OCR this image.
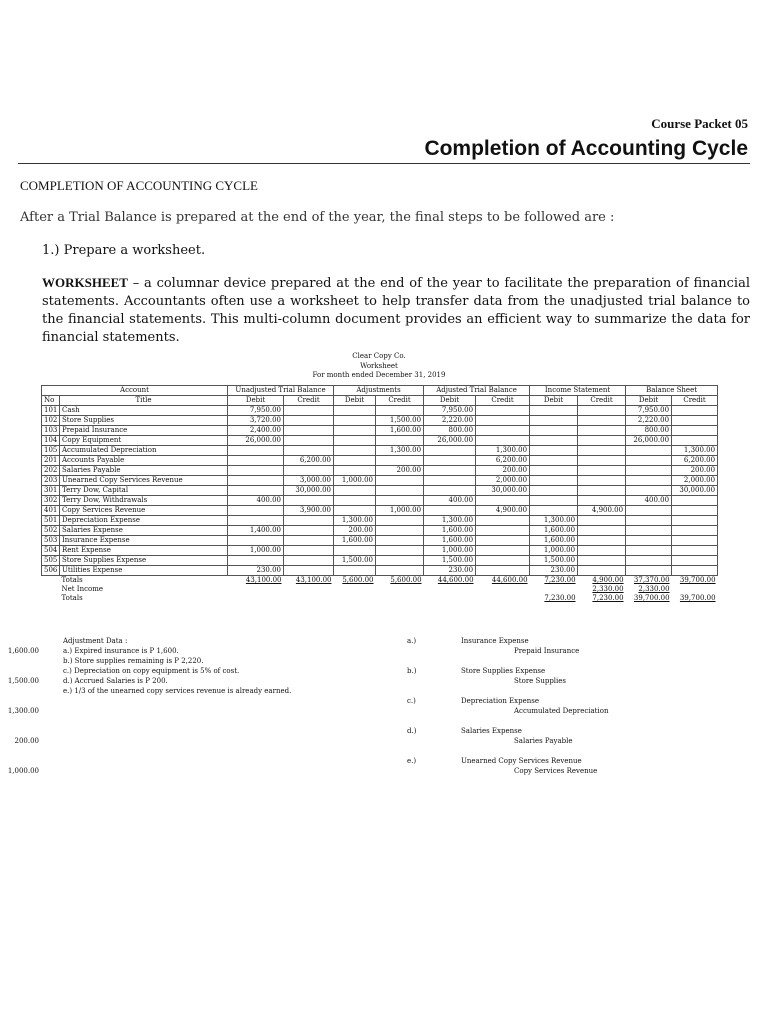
Course Packet 05
Completion of Accounting Cycle
COMPLETION OF ACCOUNTING CYCLE
After a Trial Balance is prepared at the end of the year, the final steps to be followed are :
1.) Prepare a worksheet.
WORKSHEET – a columnar device prepared at the end of the year to facilitate the preparation of financial statements. Accountants often use a worksheet to help transfer data from the unadjusted trial balance to the financial statements. This multi-column document provides an efficient way to summarize the data for financial statements.
Clear Copy Co.
Worksheet
For month ended December 31, 2019
Account		Unadjusted Trial Balance		Adjustments		Adjusted Trial Balance		Income Statement		Balance Sheet	
No	Title	Debit	Credit	Debit	Credit	Debit	Credit	Debit	Credit	Debit	Credit
101	Cash	7,950.00				7,950.00				7,950.00	
102	Store Supplies	3,720.00			1,500.00	2,220.00				2,220.00	
103	Prepaid Insurance	2,400.00			1,600.00	800.00				800.00	
104	Copy Equipment	26,000.00				26,000.00				26,000.00	
105	Accumulated Depreciation				1,300.00		1,300.00				1,300.00
201	Accounts Payable		6,200.00				6,200.00				6,200.00
202	Salaries Payable				200.00		200.00				200.00
203	Unearned Copy Services Revenue		3,000.00	1,000.00			2,000.00				2,000.00
301	Terry Dow, Capital		30,000.00				30,000.00				30,000.00
302	Terry Dow, Withdrawals	400.00				400.00				400.00	
401	Copy Services Revenue		3,900.00		1,000.00		4,900.00		4,900.00		
501	Depreciation Expense			1,300.00		1,300.00		1,300.00			
502	Salaries Expense	1,400.00		200.00		1,600.00		1,600.00			
503	Insurance Expense			1,600.00		1,600.00		1,600.00			
504	Rent Expense	1,000.00				1,000.00		1,000.00			
505	Store Supplies Expense			1,500.00		1,500.00		1,500.00			
506	Utilities Expense	230.00				230.00		230.00			
	Totals	43,100.00	43,100.00	5,600.00	5,600.00	44,600.00	44,600.00	7,230.00	4,900.00	37,370.00	39,700.00
	Net Income								2,330.00	2,330.00	
	Totals							7,230.00	7,230.00	39,700.00	39,700.00
Adjustment Data :
a.) Expired insurance is P 1,600.
b.) Store supplies remaining is P 2,220.
c.) Depreciation on copy equipment is 5% of cost.
d.) Accrued Salaries is P 200.
e.) 1/3 of the unearned copy services revenue is already earned.
a.)	Insurance Expense
Prepaid Insurance
1,600.00
b.)	Store Supplies Expense
Store Supplies
1,500.00
c.)	Depreciation Expense
Accumulated Depreciation
1,300.00
d.)	Salaries Expense
Salaries Payable
200.00
e.)	Unearned Copy Services Revenue
Copy Services Revenue
1,000.00
